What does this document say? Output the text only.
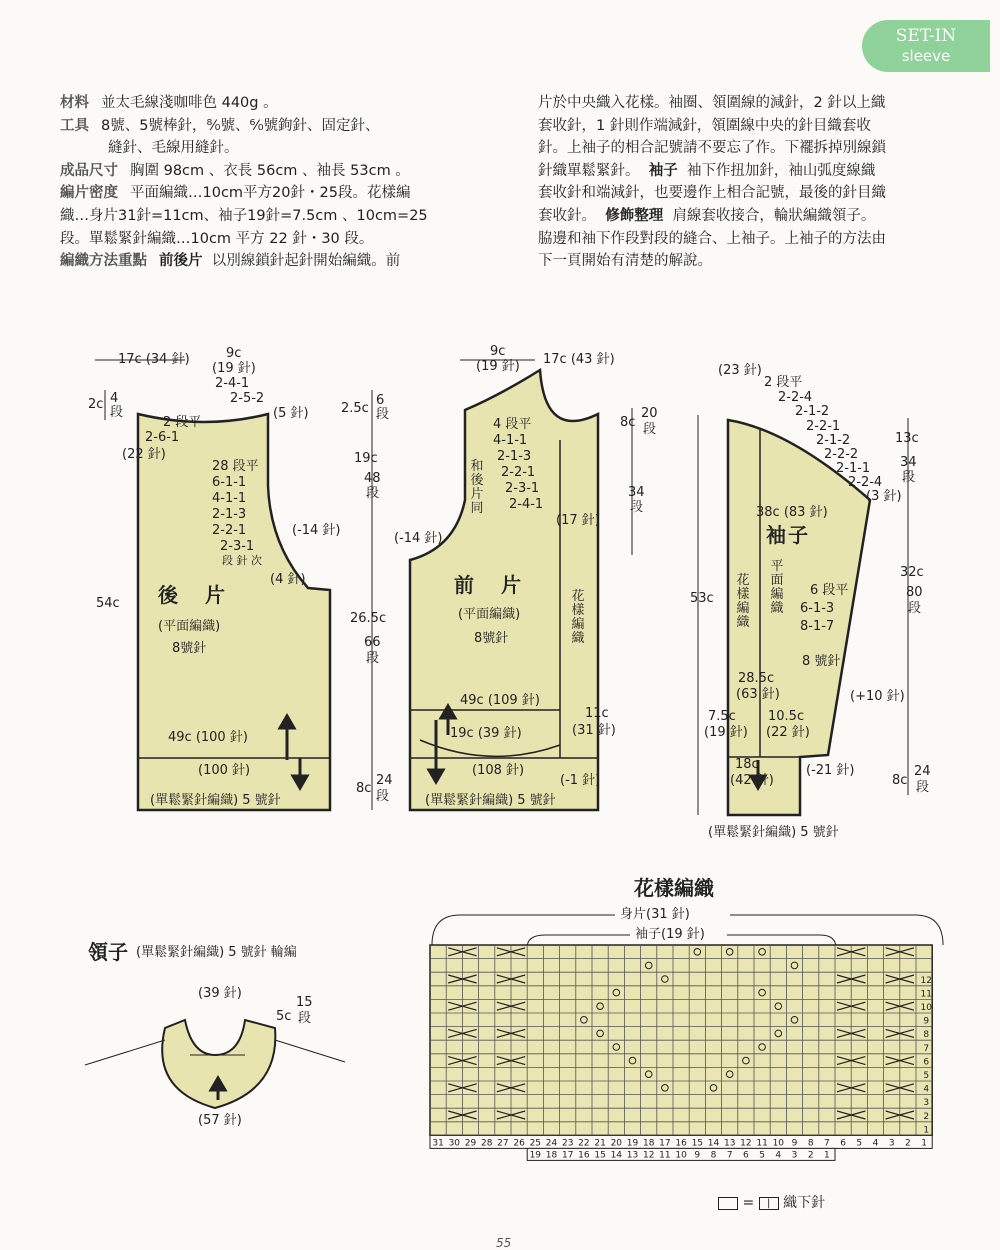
SET-IN
sleeve
材料 並太毛線淺咖啡色 440g 。
工具 8號、5號棒針，⁸⁄₀號、⁶⁄₀號鉤針、固定針、
縫針、毛線用縫針。
成品尺寸 胸圍 98cm 、衣長 56cm 、袖長 53cm 。
編片密度 平面編織…10cm平方20針・25段。花樣編
織…身片31針=11cm、袖子19針=7.5cm 、10cm=25
段。單鬆緊針編織…10cm 平方 22 針・30 段。
編織方法重點 前後片 以別線鎖針起針開始編織。前
片於中央織入花樣。袖圈、領圍線的減針，2 針以上織
套收針，1 針則作端減針，領圍線中央的針目織套收
針。上袖子的相合記號請不要忘了作。下襬拆掉別線鎖
針織單鬆緊針。 袖子 袖下作扭加針，袖山弧度線織
套收針和端減針，也要邊作上相合記號，最後的針目織
套收針。 修飾整理 肩線套收接合，輪狀編織領子。
脇邊和袖下作段對段的縫合、上袖子。上袖子的方法由
下一頁開始有清楚的解說。
17c (34 針)	9c
(19 針)
2-4-1
2-5-2
(5 針)
2c 4
段
2 段平
2-6-1
(22 針)
28 段平
6-1-1
4-1-1
2-1-3
2-2-1
2-3-1
段 針 次
(-14 針)
(4 針)
後 片
(平面編織)
8號針
54c
49c (100 針)
(100 針)
(單鬆緊針編織) 5 號針
9c
(19 針) 17c (43 針)
2.5c
6
段
19c
48
段
26.5c
66
段
8c
24
段
4 段平
4-1-1
2-1-3
2-2-1
2-3-1
2-4-1
和後片同
(-14 針)
(17 針)
前 片
(平面編織)
8號針
花樣編織
49c (109 針)
19c (39 針)
11c
(31 針)
(108 針)
(-1 針)
(單鬆緊針編織) 5 號針
8c
20
段
34
段
(23 針)
2 段平
2-2-4
2-1-2
2-2-1
2-1-2
2-2-2
2-1-1
2-2-4
(3 針)
13c
34
段
38c (83 針)
袖子
53c
花樣編織
平面編織
6 段平
6-1-3
8-1-7
8 號針
32c
80
段
(+10 針)
28.5c
(63 針)
7.5c
(19 針)
10.5c
(22 針)
18c
(42 針)
(-21 針)
8c
24
段
(單鬆緊針編織) 5 號針
領子 (單鬆緊針編織) 5 號針 輪編
(39 針)
5c
15
段
(57 針)
花樣編織
身片(31 針)
袖子(19 針)
31 30 29 28 27 26 25 24 23 22 21 20 19 18 17 16 15 14 13 12 11 10 9 8 7 6 5 4 3 2 1
19 18 17 16 15 14 13 12 11 10 9 8 7 6 5 4 3 2 1
12
11
10
9
8
7
6
5
4
3
2
1
= | 織下針
55
